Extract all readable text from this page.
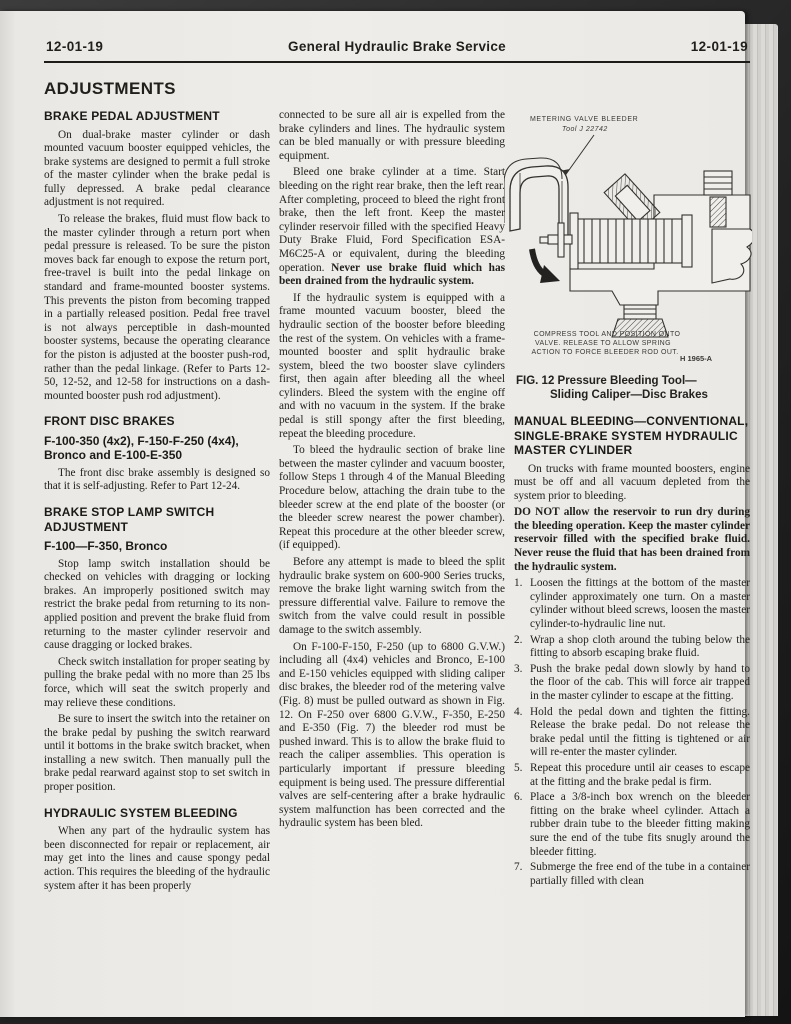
12-01-19	General Hydraulic Brake Service	12-01-19
ADJUSTMENTS
BRAKE PEDAL ADJUSTMENT

On dual-brake master cylinder or dash mounted vacuum booster equipped vehicles, the brake systems are designed to permit a full stroke of the master cylinder when the brake pedal is fully depressed. A brake pedal clearance adjustment is not required.

To release the brakes, fluid must flow back to the master cylinder through a return port when pedal pressure is released. To be sure the piston moves back far enough to expose the return port, free-travel is built into the pedal linkage on standard and frame-mounted booster systems. This prevents the piston from becoming trapped in a partially released position. Pedal free travel is not always perceptible in dash-mounted booster systems, because the operating clearance for the piston is adjusted at the booster push-rod, rather than the pedal linkage. (Refer to Parts 12-50, 12-52, and 12-58 for instructions on a dash-mounted booster push rod adjustment).

FRONT DISC BRAKES
F-100-350 (4x2), F-150-F-250 (4x4), Bronco and E-100-E-350

The front disc brake assembly is designed so that it is self-adjusting. Refer to Part 12-24.

BRAKE STOP LAMP SWITCH ADJUSTMENT
F-100—F-350, Bronco

Stop lamp switch installation should be checked on vehicles with dragging or locking brakes. An improperly positioned switch may restrict the brake pedal from returning to its non-applied position and prevent the brake fluid from returning to the master cylinder reservoir and cause dragging or locked brakes.

Check switch installation for proper seating by pulling the brake pedal with no more than 25 lbs force, which will seat the switch properly and may relieve these conditions.

Be sure to insert the switch into the retainer on the brake pedal by pushing the switch rearward until it bottoms in the brake switch bracket, when installing a new switch. Then manually pull the brake pedal rearward against stop to set switch in proper position.

HYDRAULIC SYSTEM BLEEDING

When any part of the hydraulic system has been disconnected for repair or replacement, air may get into the lines and cause spongy pedal action. This requires the bleeding of the hydraulic system after it has been properly

connected to be sure all air is expelled from the brake cylinders and lines. The hydraulic system can be bled manually or with pressure bleeding equipment.

Bleed one brake cylinder at a time. Start bleeding on the right rear brake, then the left rear. After completing, proceed to bleed the right front brake, then the left front. Keep the master cylinder reservoir filled with the specified Heavy Duty Brake Fluid, Ford Specification ESA-M6C25-A or equivalent, during the bleeding operation. Never use brake fluid which has been drained from the hydraulic system.

If the hydraulic system is equipped with a frame mounted vacuum booster, bleed the hydraulic section of the booster before bleeding the rest of the system. On vehicles with a frame-mounted booster and split hydraulic brake system, bleed the two booster slave cylinders first, then again after bleeding all the wheel cylinders. Bleed the system with the engine off and with no vacuum in the system. If the brake pedal is still spongy after the first bleeding, repeat the bleeding procedure.

To bleed the hydraulic section of brake line between the master cylinder and vacuum booster, follow Steps 1 through 4 of the Manual Bleeding Procedure below, attaching the drain tube to the bleeder screw at the end plate of the booster (or the bleeder screw nearest the power chamber). Repeat this procedure at the other bleeder screw, (if equipped).

Before any attempt is made to bleed the split hydraulic brake system on 600-900 Series trucks, remove the brake light warning switch from the pressure differential valve. Failure to remove the switch from the valve could result in possible damage to the switch assembly.

On F-100-F-150, F-250 (up to 6800 G.V.W.) including all (4x4) vehicles and Bronco, E-100 and E-150 vehicles equipped with sliding caliper disc brakes, the bleeder rod of the metering valve (Fig. 8) must be pulled outward as shown in Fig. 12. On F-250 over 6800 G.V.W., F-350, E-250 and E-350 (Fig. 7) the bleeder rod must be pushed inward. This is to allow the brake fluid to reach the caliper assemblies. This operation is particularly important if pressure bleeding equipment is being used. The pressure differential valves are self-centering after a brake hydraulic system malfunction has been corrected and the hydraulic system has been bled.

METERING VALVE BLEEDER
Tool J 22742
COMPRESS TOOL AND POSITION ONTO
VALVE. RELEASE TO ALLOW SPRING
ACTION TO FORCE BLEEDER ROD OUT.
H 1965-A
FIG. 12 Pressure Bleeding Tool—
Sliding Caliper—Disc Brakes
MANUAL BLEEDING—CONVENTIONAL, SINGLE-BRAKE SYSTEM HYDRAULIC MASTER CYLINDER

On trucks with frame mounted boosters, engine must be off and all vacuum depleted from the system prior to bleeding.

DO NOT allow the reservoir to run dry during the bleeding operation. Keep the master cylinder reservoir filled with the specified brake fluid. Never reuse the fluid that has been drained from the hydraulic system.

1. Loosen the fittings at the bottom of the master cylinder approximately one turn. On a master cylinder without bleed screws, loosen the master cylinder-to-hydraulic line nut.
2. Wrap a shop cloth around the tubing below the fitting to absorb escaping brake fluid.
3. Push the brake pedal down slowly by hand to the floor of the cab. This will force air trapped in the master cylinder to escape at the fitting.
4. Hold the pedal down and tighten the fitting. Release the brake pedal. Do not release the brake pedal until the fitting is tightened or air will re-enter the master cylinder.
5. Repeat this procedure until air ceases to escape at the fitting and the brake pedal is firm.
6. Place a 3/8-inch box wrench on the bleeder fitting on the brake wheel cylinder. Attach a rubber drain tube to the bleeder fitting making sure the end of the tube fits snugly around the bleeder fitting.
7. Submerge the free end of the tube in a container partially filled with clean
